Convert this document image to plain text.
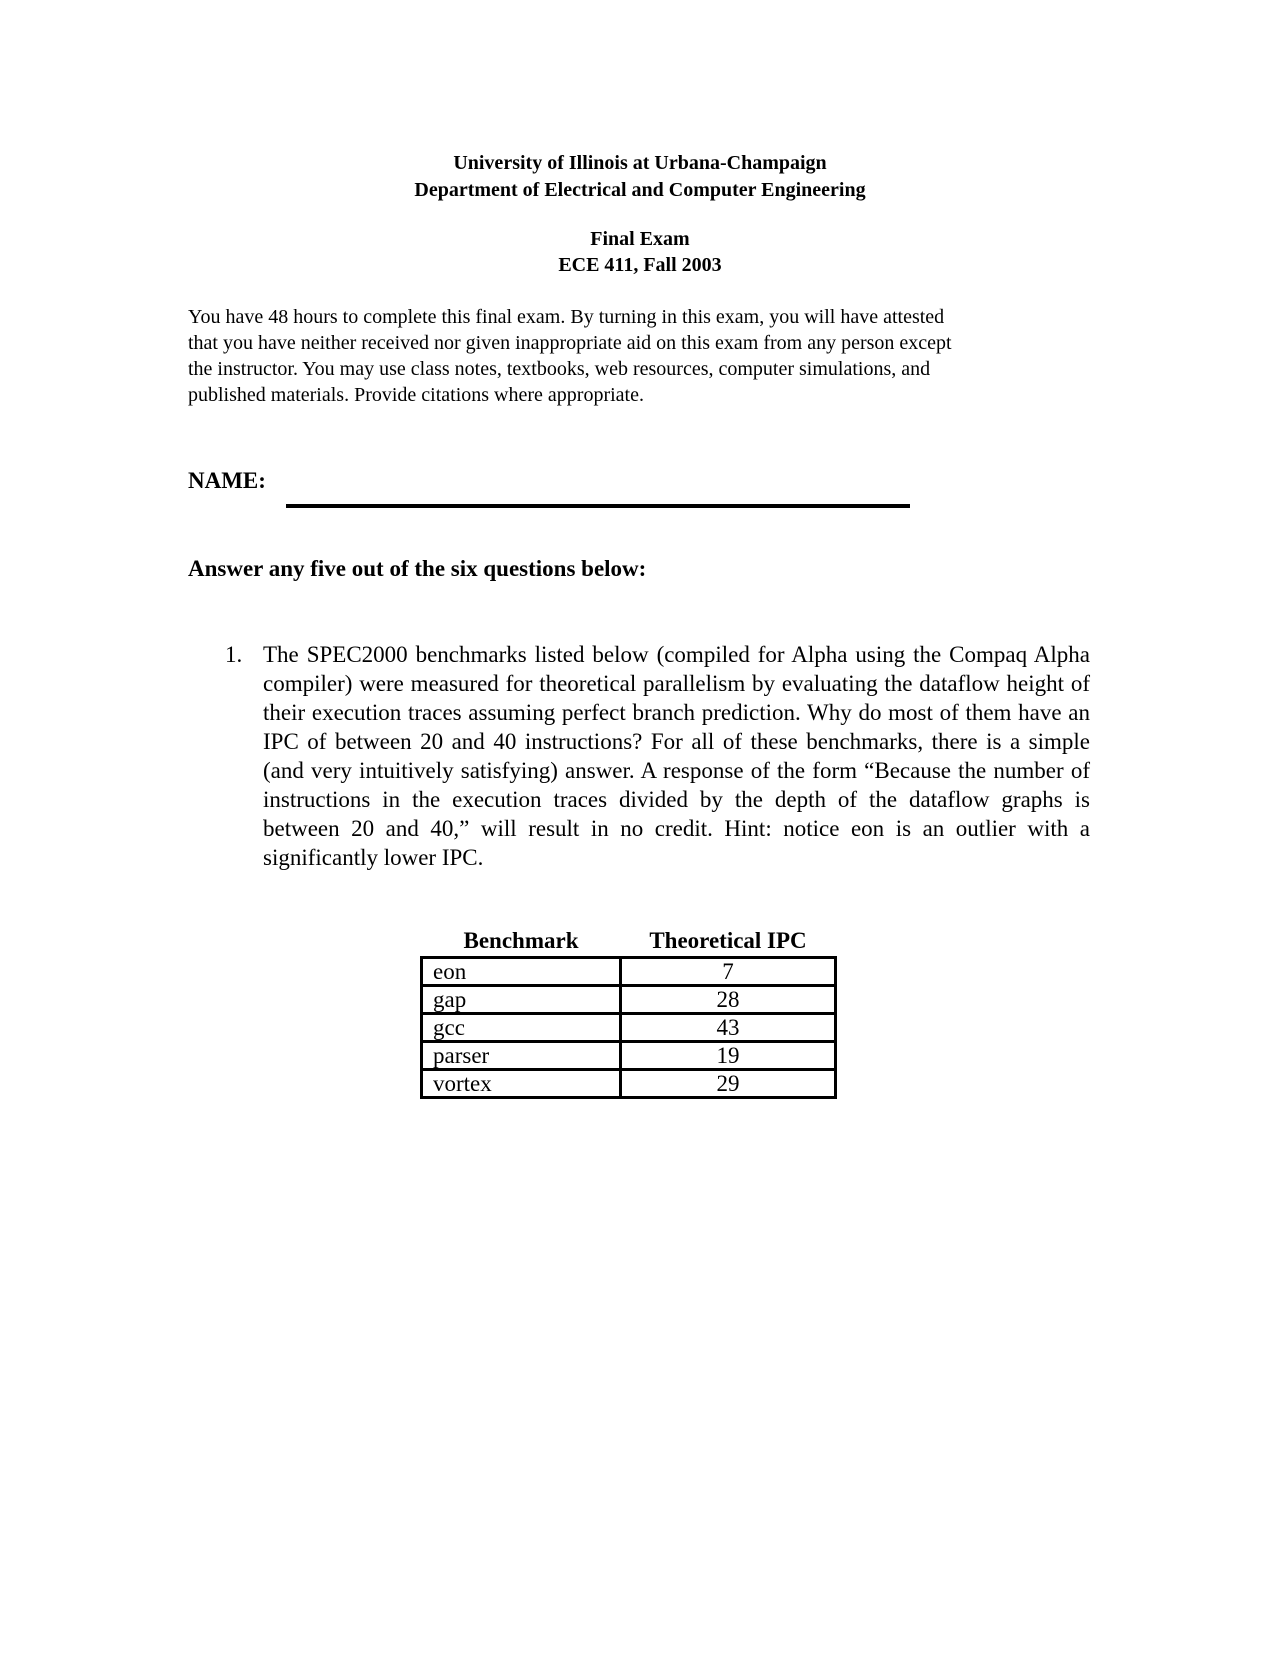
University of Illinois at Urbana-Champaign
Department of Electrical and Computer Engineering
Final Exam
ECE 411, Fall 2003
You have 48 hours to complete this final exam. By turning in this exam, you will have attested
that you have neither received nor given inappropriate aid on this exam from any person except
the instructor. You may use class notes, textbooks, web resources, computer simulations, and
published materials. Provide citations where appropriate.
NAME:
Answer any five out of the six questions below:
1. The SPEC2000 benchmarks listed below (compiled for Alpha using the Compaq Alpha compiler) were measured for theoretical parallelism by evaluating the dataflow height of their execution traces assuming perfect branch prediction. Why do most of them have an IPC of between 20 and 40 instructions? For all of these benchmarks, there is a simple (and very intuitively satisfying) answer. A response of the form “Because the number of instructions in the execution traces divided by the depth of the dataflow graphs is between 20 and 40,” will result in no credit. Hint: notice eon is an outlier with a significantly lower IPC.
Benchmark	Theoretical IPC
eon	7
gap	28
gcc	43
parser	19
vortex	29
